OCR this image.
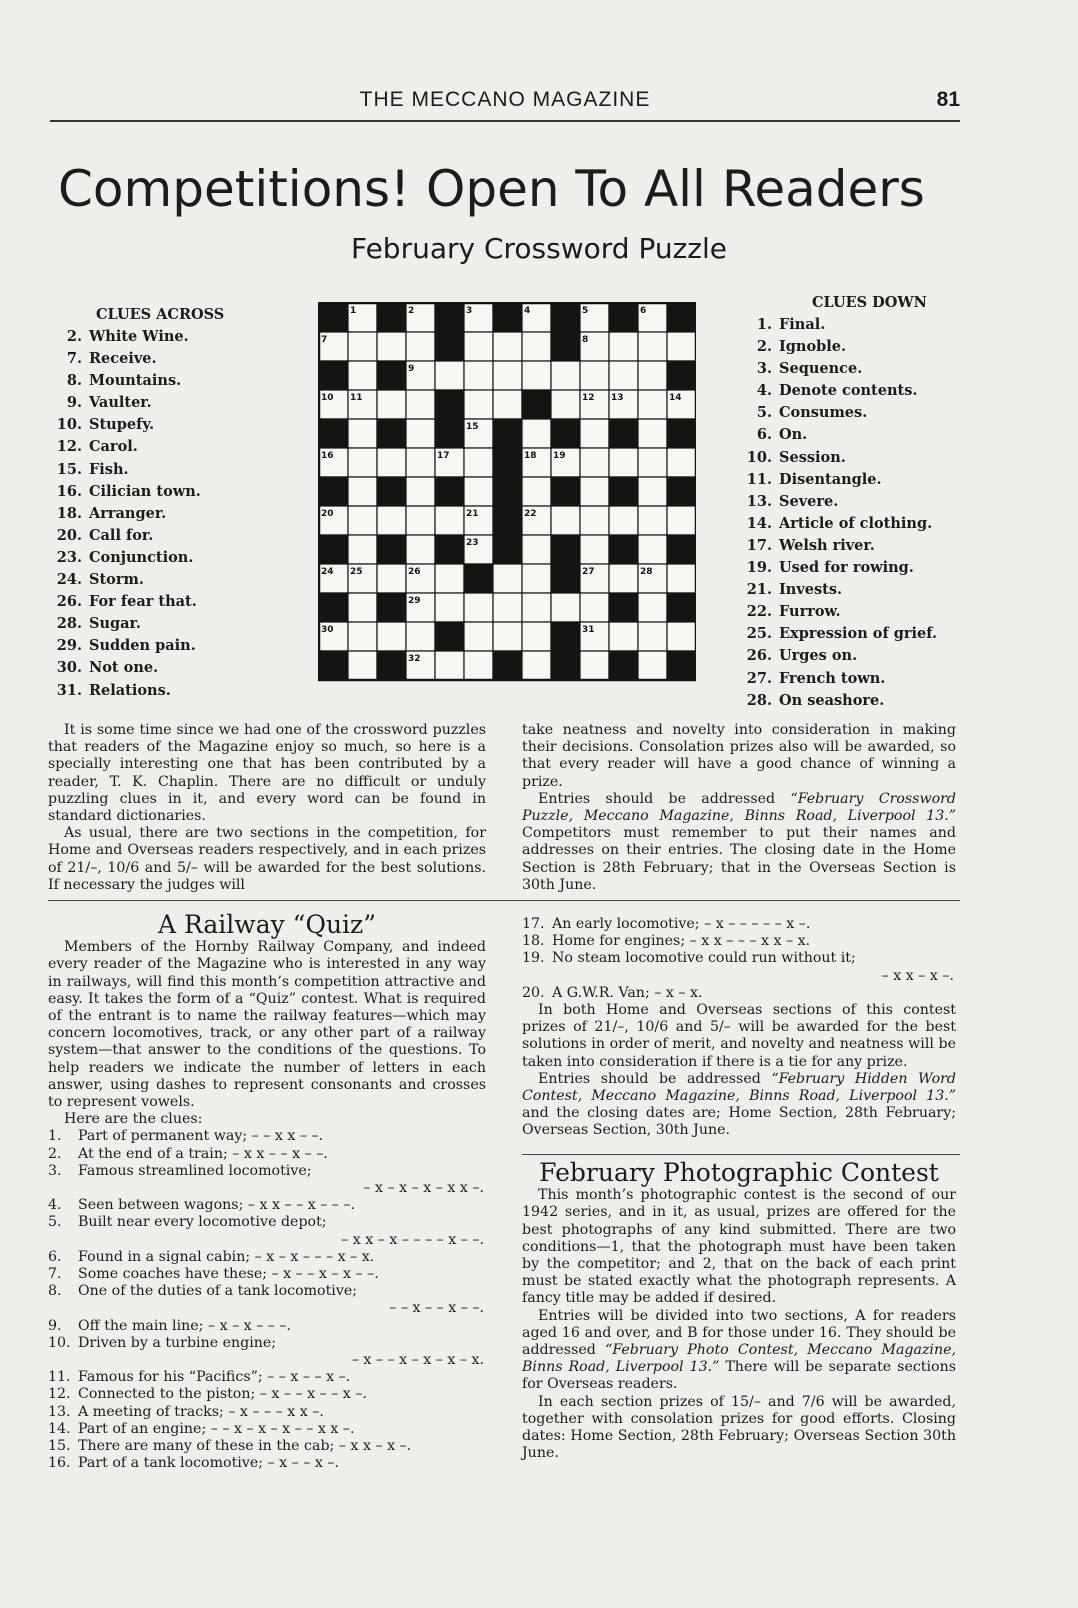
THE MECCANO MAGAZINE	81
Competitions! Open To All Readers
February Crossword Puzzle
CLUES ACROSS
2. White Wine.
7. Receive.
8. Mountains.
9. Vaulter.
10. Stupefy.
12. Carol.
15. Fish.
16. Cilician town.
18. Arranger.
20. Call for.
23. Conjunction.
24. Storm.
26. For fear that.
28. Sugar.
29. Sudden pain.
30. Not one.
31. Relations.
1	2	3	4	5	6
7	8
9
10 11	12 13	14
15
16	17	18 19
20	21	22
23
24 25	26	27	28
29
30	31
32
CLUES DOWN
1. Final.
2. Ignoble.
3. Sequence.
4. Denote contents.
5. Consumes.
6. On.
10. Session.
11. Disentangle.
13. Severe.
14. Article of clothing.
17. Welsh river.
19. Used for rowing.
21. Invests.
22. Furrow.
25. Expression of grief.
26. Urges on.
27. French town.
28. On seashore.

It is some time since we had one of the crossword puzzles that readers of the Magazine enjoy so much, so here is a specially interesting one that has been contributed by a reader, T. K. Chaplin. There are no difficult or unduly puzzling clues in it, and every word can be found in standard dictionaries.

As usual, there are two sections in the competition, for Home and Overseas readers respectively, and in each prizes of 21/–, 10/6 and 5/– will be awarded for the best solutions. If necessary the judges will

take neatness and novelty into consideration in making their decisions. Consolation prizes also will be awarded, so that every reader will have a good chance of winning a prize.

Entries should be addressed “February Crossword Puzzle, Meccano Magazine, Binns Road, Liverpool 13.” Competitors must remember to put their names and addresses on their entries. The closing date in the Home Section is 28th February; that in the Overseas Section is 30th June.

A Railway “Quiz”

Members of the Hornby Railway Company, and indeed every reader of the Magazine who is interested in any way in railways, will find this month’s competition attractive and easy. It takes the form of a “Quiz” contest. What is required of the entrant is to name the railway features—which may concern locomotives, track, or any other part of a railway system—that answer to the conditions of the questions. To help readers we indicate the number of letters in each answer, using dashes to represent consonants and crosses to represent vowels.

Here are the clues:

1.	Part of permanent way; – – x x – –.
2.	At the end of a train; – x x – – x – –.
3.	Famous streamlined locomotive;
– x – x – x – x x –.
4.	Seen between wagons; – x x – – x – – –.
5.	Built near every locomotive depot;
– x x – x – – – – x – –.
6.	Found in a signal cabin; – x – x – – – x – x.
7.	Some coaches have these; – x – – x – x – –.
8.	One of the duties of a tank locomotive;
– – x – – x – –.
9.	Off the main line; – x – x – – –.
10. Driven by a turbine engine;
– x – – x – x – x – x.
11. Famous for his “Pacifics”; – – x – – x –.
12. Connected to the piston; – x – – x – – x –.
13. A meeting of tracks; – x – – – x x –.
14. Part of an engine; – – x – x – x – – x x –.
15. There are many of these in the cab; – x x – x –.
16. Part of a tank locomotive; – x – – x –.
17. An early locomotive; – x – – – – – x –.
18. Home for engines; – x x – – – x x – x.
19. No steam locomotive could run without it;
– x x – x –.
20. A G.W.R. Van; – x – x.

In both Home and Overseas sections of this contest prizes of 21/–, 10/6 and 5/– will be awarded for the best solutions in order of merit, and novelty and neatness will be taken into consideration if there is a tie for any prize.

Entries should be addressed “February Hidden Word Contest, Meccano Magazine, Binns Road, Liverpool 13.” and the closing dates are; Home Section, 28th February; Overseas Section, 30th June.

February Photographic Contest

This month’s photographic contest is the second of our 1942 series, and in it, as usual, prizes are offered for the best photographs of any kind submitted. There are two conditions—1, that the photograph must have been taken by the competitor; and 2, that on the back of each print must be stated exactly what the photograph represents. A fancy title may be added if desired.

Entries will be divided into two sections, A for readers aged 16 and over, and B for those under 16. They should be addressed “February Photo Contest, Meccano Magazine, Binns Road, Liverpool 13.” There will be separate sections for Overseas readers.

In each section prizes of 15/– and 7/6 will be awarded, together with consolation prizes for good efforts. Closing dates: Home Section, 28th February; Overseas Section 30th June.
